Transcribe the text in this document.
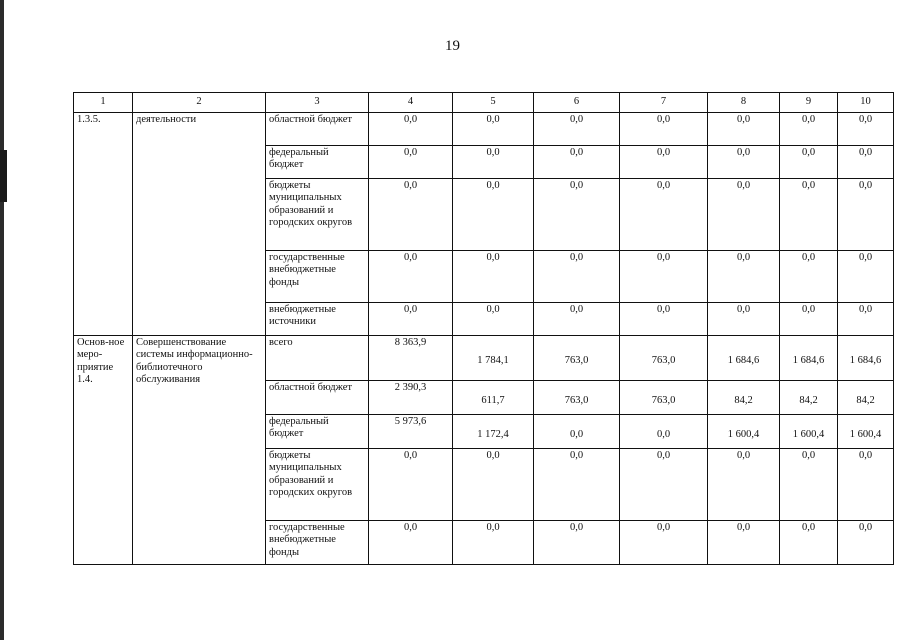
19
1	2	3	4	5	6	7	8	9	10
1.3.5.	деятельности	областной бюджет	0,0	0,0	0,0	0,0	0,0	0,0	0,0
		федеральный бюджет	0,0	0,0	0,0	0,0	0,0	0,0	0,0
		бюджеты муниципальных образований и городских округов	0,0	0,0	0,0	0,0	0,0	0,0	0,0
		государственные внебюджетные фонды	0,0	0,0	0,0	0,0	0,0	0,0	0,0
		внебюджетные источники	0,0	0,0	0,0	0,0	0,0	0,0	0,0
Основ-ное меро-приятие 1.4.	Совершенствование системы информационно-библиотечного обслуживания	всего	8 363,9	1 784,1	763,0	763,0	1 684,6	1 684,6	1 684,6
		областной бюджет	2 390,3	611,7	763,0	763,0	84,2	84,2	84,2
		федеральный бюджет	5 973,6	1 172,4	0,0	0,0	1 600,4	1 600,4	1 600,4
		бюджеты муниципальных образований и городских округов	0,0	0,0	0,0	0,0	0,0	0,0	0,0
		государственные внебюджетные фонды	0,0	0,0	0,0	0,0	0,0	0,0	0,0
